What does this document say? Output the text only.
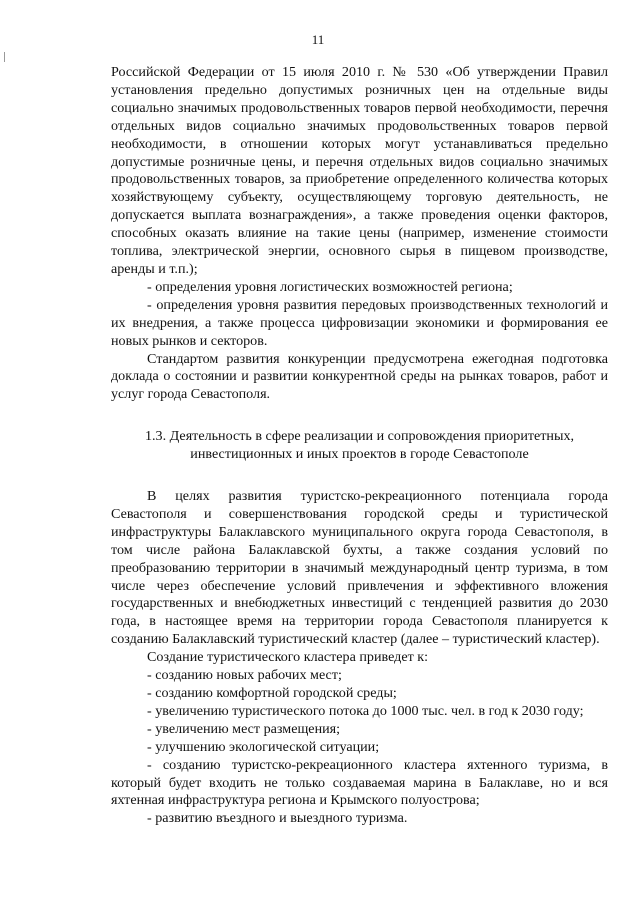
11

Российской Федерации от 15 июля 2010 г. № 530 «Об утверждении Правил установления предельно допустимых розничных цен на отдельные виды социально значимых продовольственных товаров первой необходимости, перечня отдельных видов социально значимых продовольственных товаров первой необходимости, в отношении которых могут устанавливаться предельно допустимые розничные цены, и перечня отдельных видов социально значимых продовольственных товаров, за приобретение определенного количества которых хозяйствующему субъекту, осуществляющему торговую деятельность, не допускается выплата вознаграждения», а также проведения оценки факторов, способных оказать влияние на такие цены (например, изменение стоимости топлива, электрической энергии, основного сырья в пищевом производстве, аренды и т.п.);

- определения уровня логистических возможностей региона;

- определения уровня развития передовых производственных технологий и их внедрения, а также процесса цифровизации экономики и формирования ее новых рынков и секторов.

Стандартом развития конкуренции предусмотрена ежегодная подготовка доклада о состоянии и развитии конкурентной среды на рынках товаров, работ и услуг города Севастополя.

1.3. Деятельность в сфере реализации и сопровождения приоритетных,
инвестиционных и иных проектов в городе Севастополе

В целях развития туристско-рекреационного потенциала города Севастополя и совершенствования городской среды и туристической инфраструктуры Балаклавского муниципального округа города Севастополя, в том числе района Балаклавской бухты, а также создания условий по преобразованию территории в значимый международный центр туризма, в том числе через обеспечение условий привлечения и эффективного вложения государственных и внебюджетных инвестиций с тенденцией развития до 2030 года, в настоящее время на территории города Севастополя планируется к созданию Балаклавский туристический кластер (далее – туристический кластер).

Создание туристического кластера приведет к:

- созданию новых рабочих мест;

- созданию комфортной городской среды;

- увеличению туристического потока до 1000 тыс. чел. в год к 2030 году;

- увеличению мест размещения;

- улучшению экологической ситуации;

- созданию туристско-рекреационного кластера яхтенного туризма, в который будет входить не только создаваемая марина в Балаклаве, но и вся яхтенная инфраструктура региона и Крымского полуострова;

- развитию въездного и выездного туризма.
